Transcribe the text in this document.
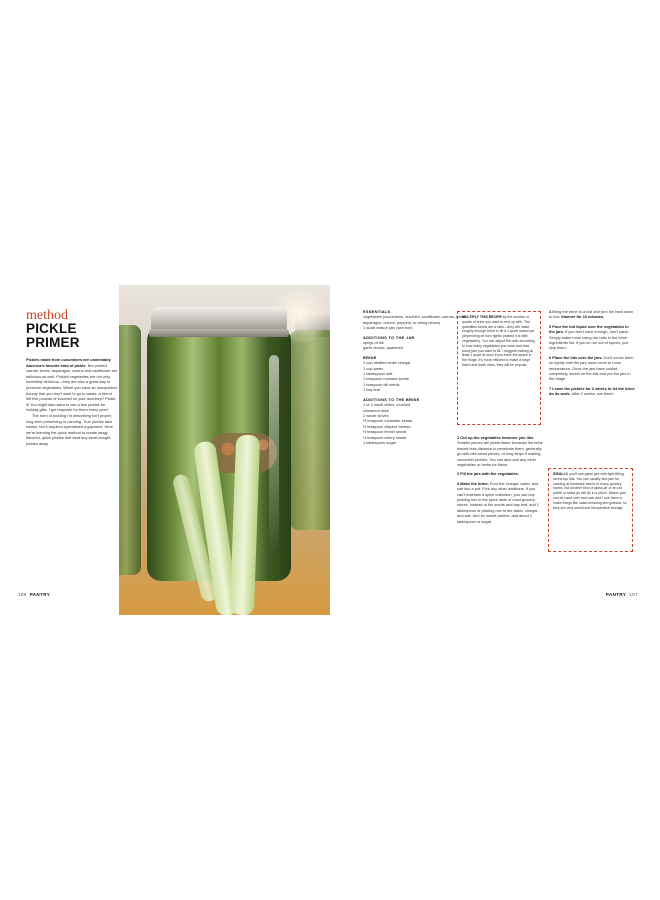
method
PICKLE PRIMER

Pickles made from cucumbers are undeniably America's favorite kind of pickle. But pickled carrots, beets, asparagus, onions and cauliflower are delicious as well. Pickled vegetables are not only incredibly delicious—they are also a great way to preserve vegetables. When you have an unexpected bounty that you don't want to go to waste. A friend left five pounds of zucchini on your doorstep? Pickle it! You might also want to can a few pickles for holiday gifts. I get requests for them every year!

The form of pickling I'm describing isn't proper, long-term preserving or canning. True pickles take weeks, but it requires specialized equipment. Here we're learning the quick method to create tangy, flavorful, quick pickles that beat any store-bought pickles away.

ESSENTIALS
vegetables (cucumbers, zucchini, cauliflower, carrots, beets, asparagus, onions, peppers, or string beans)
1 quart mason jars (see box)
ADDITIONS TO THE JAR
sprigs of dill
garlic cloves, quartered
BRINE
1 cup distilled white vinegar
1 cup water
1 tablespoon salt
1 teaspoon mustard seeds
1 teaspoon dill seeds
1 bay leaf
ADDITIONS TO THE BRINE
1 or 2 small chiles, crushed
cinnamon stick
2 whole cloves
½ teaspoon coriander seeds
½ teaspoon allspice berries
½ teaspoon fennel seeds
½ teaspoon celery seeds
1 tablespoon sugar
MULTIPLY THIS RECIPE by the number of quarts of brine you want to end up with. The quantities below are a ratio—they will make roughly enough brine to fill a 1-quart mason jar (depending on how tightly packed it is with vegetables). You can adjust the ratio according to how many vegetables you have and how many jars you want to fill. I suggest making at least 1 quart at once if you have the space in the fridge. It's more efficient to make a large batch and fresh ones, they will be popular.
1 Cut up the vegetables however you like. Smaller pieces will pickle faster because the brine travels less distance to penetrate them, generally go with bite-sized pieces, or long strips if making cucumber pickles. You can also add any other vegetables or herbs for flavor.
2 Fill the jars with the vegetables.
3 Make the brine: Pour the vinegar, water, and salt into a pot. Pick any other additions. If you can't maintain a spice collection, you can buy pickling mix in the spice aisle of most grocery stores. Instead of the seeds and bay leaf, add 1 tablespoon of pickling mix to the water, vinegar, and salt. And for sweet pickles, add about 1 tablespoon of sugar.
4 Bring the brine to a boil and turn the heat down to low. Simmer for 10 minutes.
5 Pour the hot liquid over the vegetables in the jars. If you don't have enough, don't panic. Simply make more using the ratio in the brine ingredients list. If you've run out of spices, just skip them.
6 Place the lids over the jars. Don't screw them on tightly until the jars have come to room temperature. Once the jars have cooled completely, screw on the lids and put the jars in the fridge.
7 Leave the pickles for 2 weeks to let the brine do its work. After 2 weeks, eat them!
IDEALLY, you'll use glass jars with tight-fitting screw-top lids. You can usually find jars for canning at hardware stores or many grocery stores, but another kind of glass jar or an old pickle or salsa jar will do in a pinch. Mason jars can be used over and over and I use them to make things like salad dressing and granola, so they are very useful and inexpensive storage.
100 PANTRY	PANTRY 107
